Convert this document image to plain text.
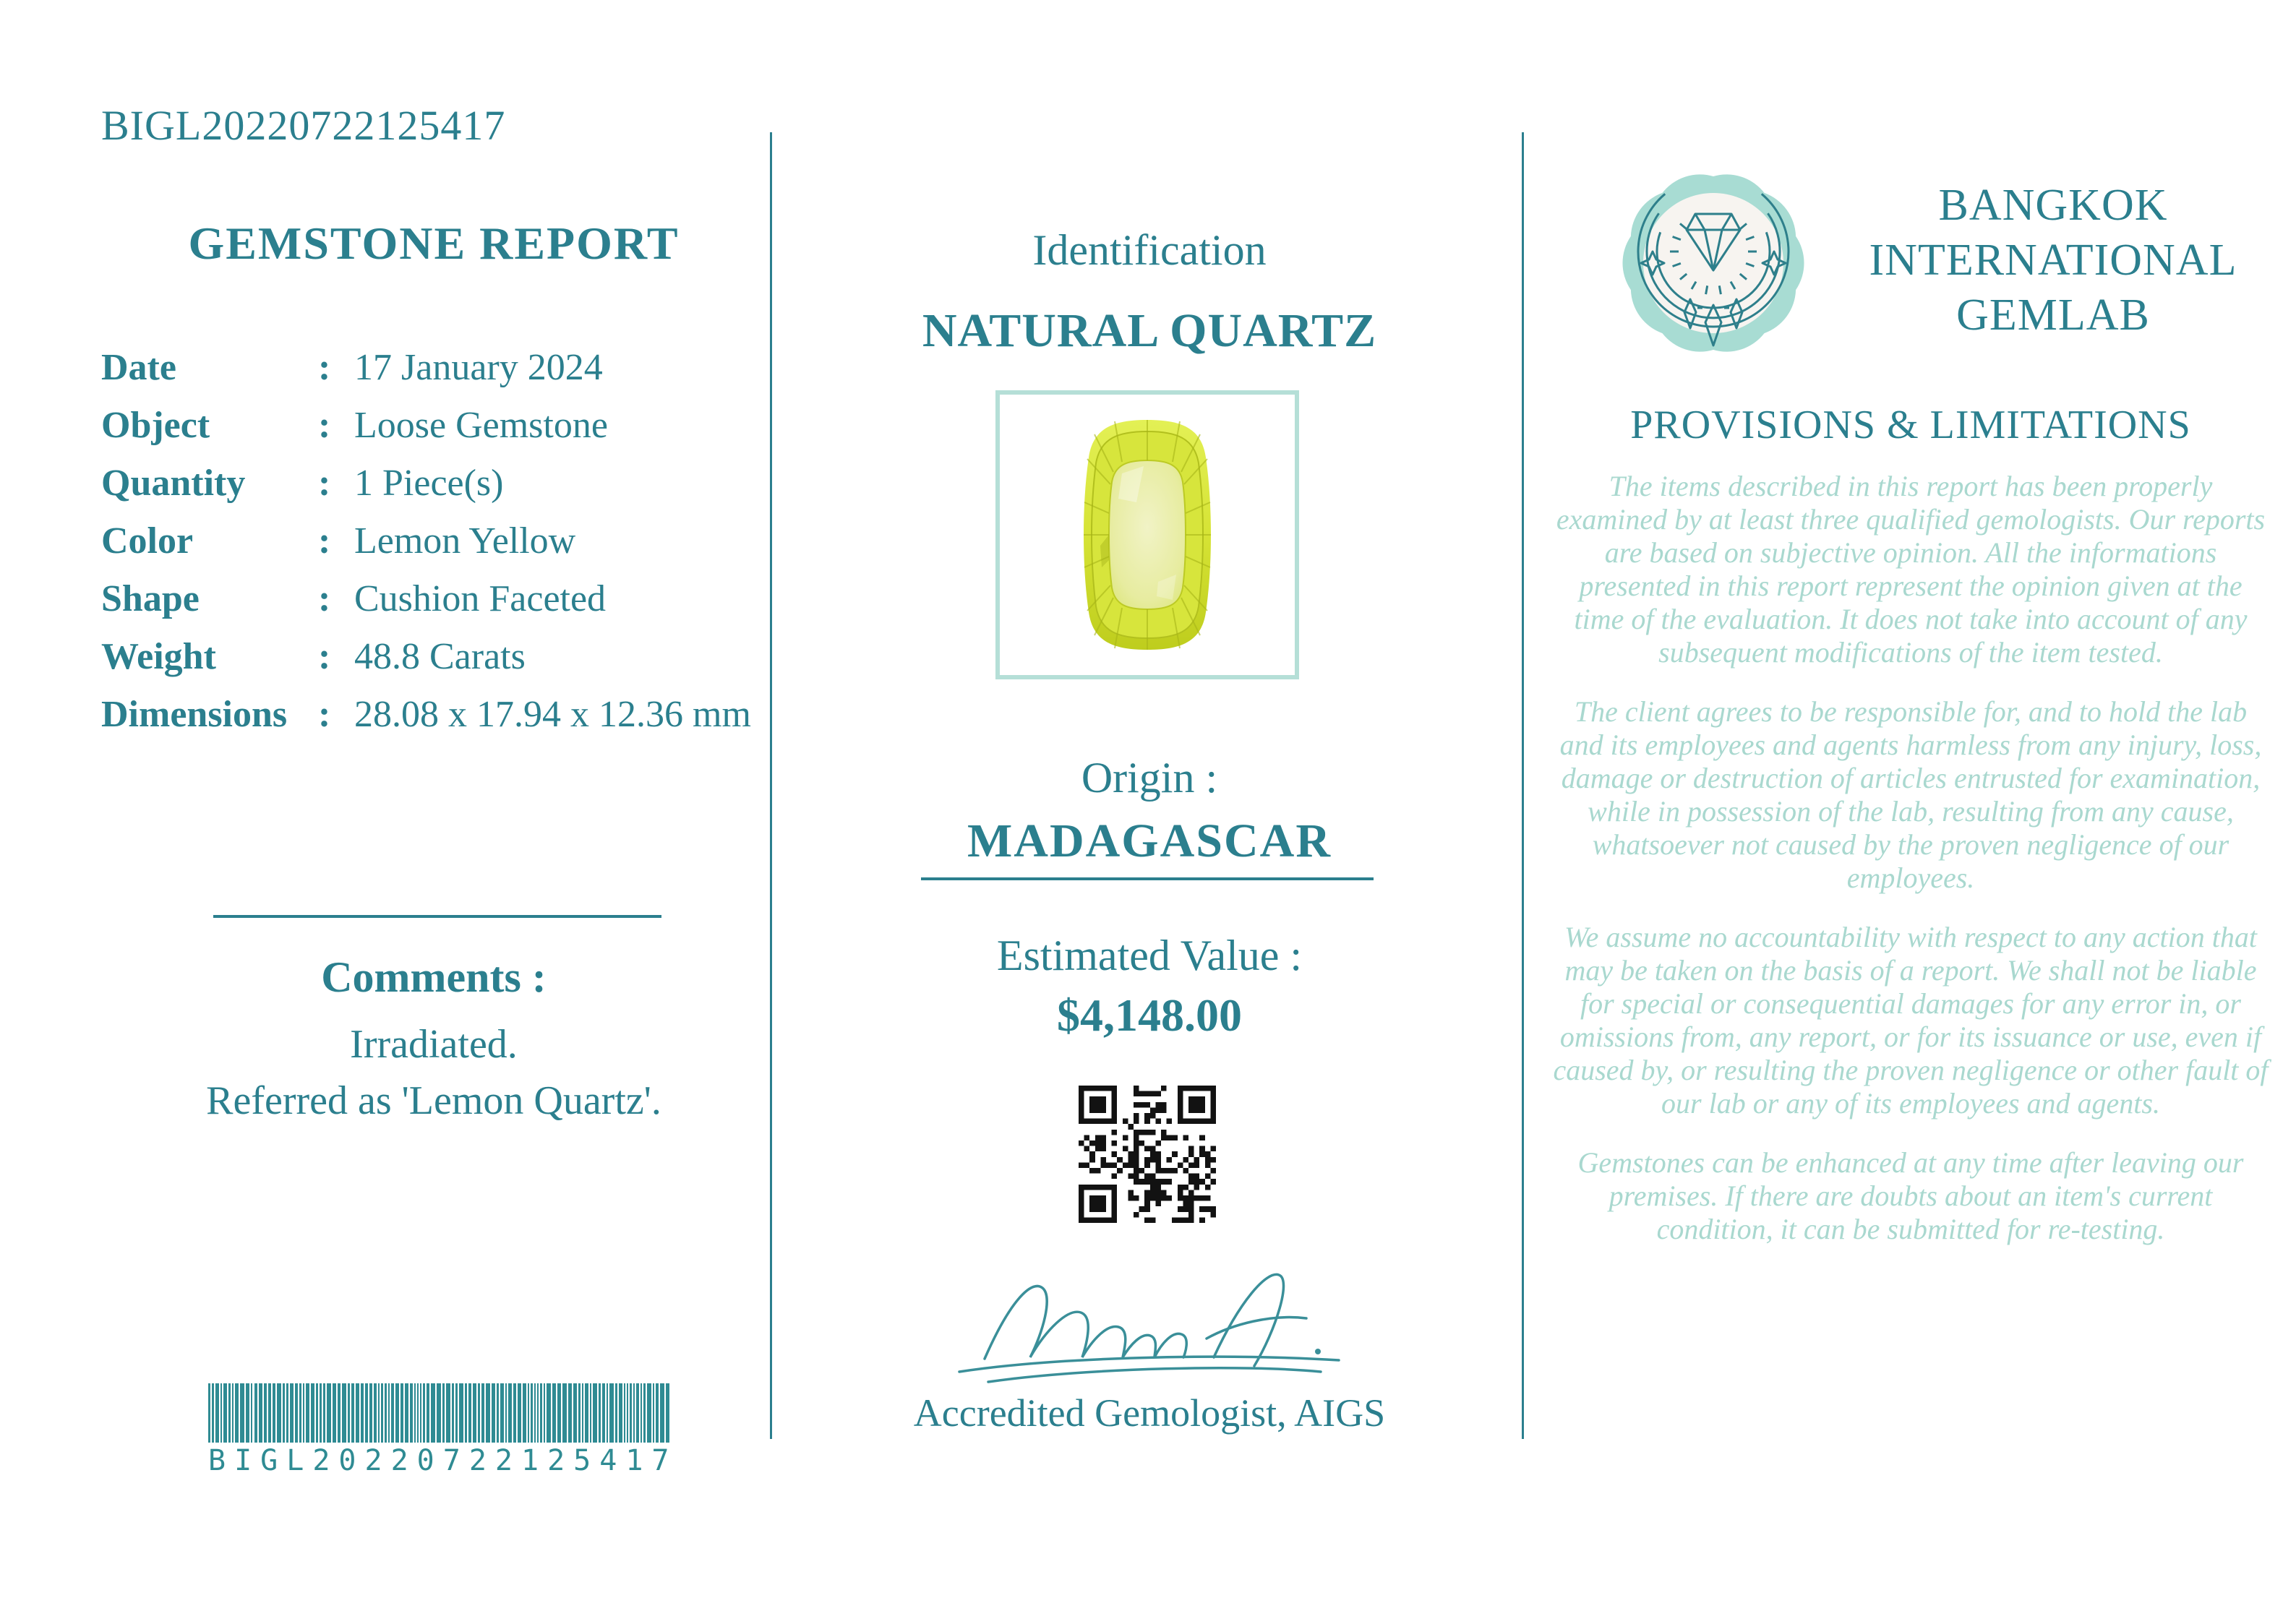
BIGL20220722125417
GEMSTONE REPORT
Date	: 17 January 2024
Object	: Loose Gemstone
Quantity	: 1 Piece(s)
Color	: Lemon Yellow
Shape	: Cushion Faceted
Weight	: 48.8 Carats
Dimensions : 28.08 x 17.94 x 12.36 mm
Comments :
Irradiated.
Referred as 'Lemon Quartz'.
BIGL20220722125417
Identification
NATURAL QUARTZ
Origin :
MADAGASCAR
Estimated Value :
$4,148.00
Accredited Gemologist, AIGS
BANGKOK
INTERNATIONAL
GEMLAB
PROVISIONS & LIMITATIONS

The items described in this report has been properly examined by at least three qualified gemologists. Our reports are based on subjective opinion. All the informations presented in this report represent the opinion given at the time of the evaluation. It does not take into account of any subsequent modifications of the item tested.

The client agrees to be responsible for, and to hold the lab and its employees and agents harmless from any injury, loss, damage or destruction of articles entrusted for examination, while in possession of the lab, resulting from any cause, whatsoever not caused by the proven negligence of our employees.

We assume no accountability with respect to any action that may be taken on the basis of a report. We shall not be liable for special or consequential damages for any error in, or omissions from, any report, or for its issuance or use, even if caused by, or resulting the proven negligence or other fault of our lab or any of its employees and agents.

Gemstones can be enhanced at any time after leaving our premises. If there are doubts about an item's current condition, it can be submitted for re-testing.
